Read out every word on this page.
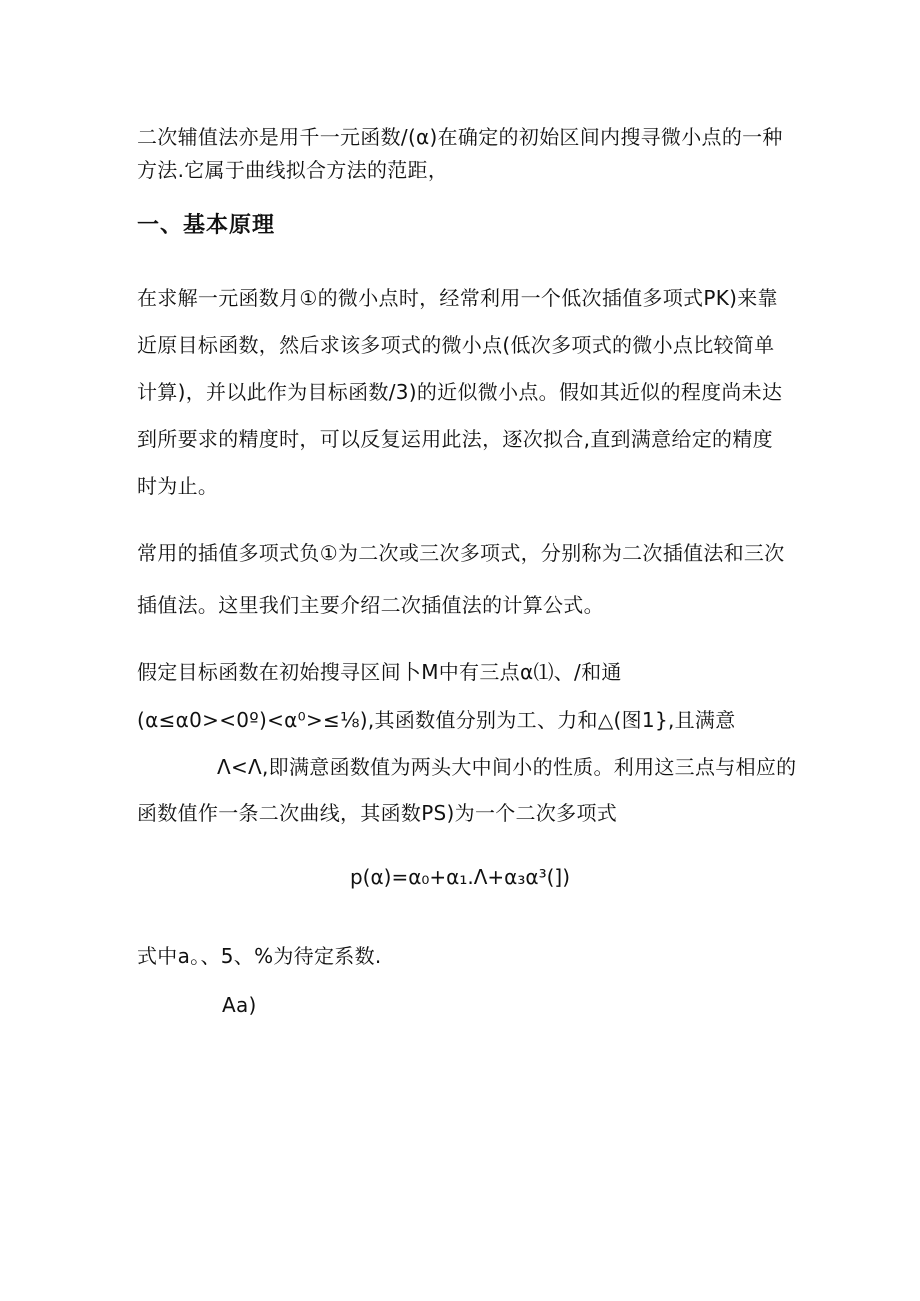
二次辅值法亦是用千一元函数/(α)在确定的初始区间内搜寻微小点的一种
方法.它属于曲线拟合方法的范距，
一、基本原理
在求解一元函数月①的微小点时，经常利用一个低次插值多项式PK)来靠
近原目标函数，然后求该多项式的微小点(低次多项式的微小点比较简单
计算)，并以此作为目标函数/3)的近似微小点。假如其近似的程度尚未达
到所要求的精度时，可以反复运用此法，逐次拟合,直到满意给定的精度
时为止。
常用的插值多项式负①为二次或三次多项式，分别称为二次插值法和三次
插值法。这里我们主要介绍二次插值法的计算公式。
假定目标函数在初始搜寻区间卜M中有三点α⑴、/和通
(α≤α0><0º)<α⁰>≤⅛),其函数值分别为工、力和△(图1},且满意
Λ<Λ,即满意函数值为两头大中间小的性质。利用这三点与相应的
函数值作一条二次曲线，其函数PS)为一个二次多项式
p(α)=α₀+α₁.Λ+α₃α³(])
式中a。、5、%为待定系数.
Aa)
